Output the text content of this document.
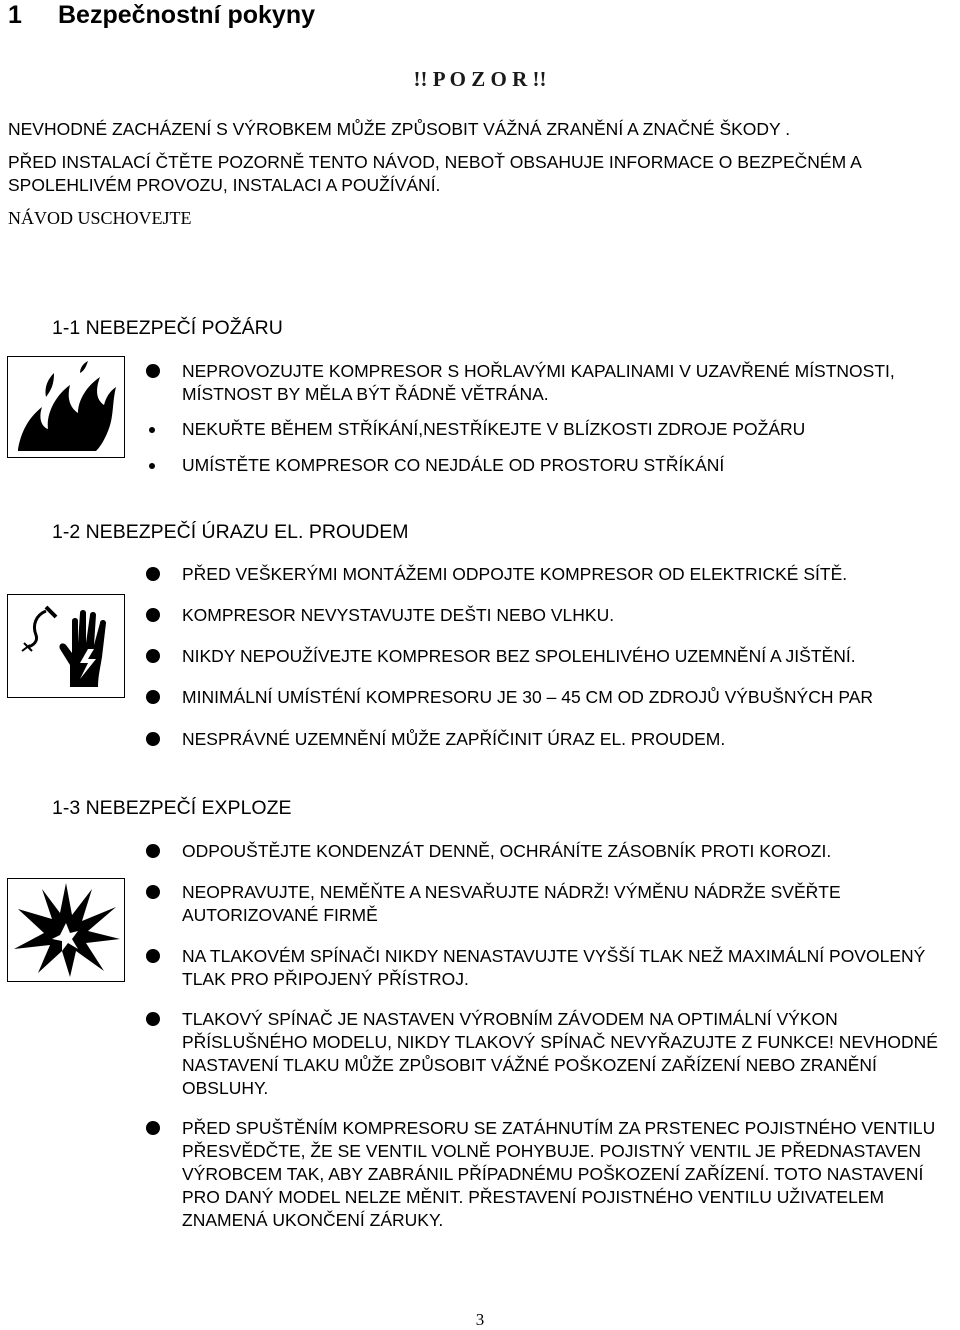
1 Bezpečnostní pokyny
!! P O Z O R !!

NEVHODNÉ ZACHÁZENÍ S VÝROBKEM MŮŽE ZPŮSOBIT VÁŽNÁ ZRANĚNÍ A ZNAČNÉ ŠKODY .

PŘED INSTALACÍ ČTĚTE POZORNĚ TENTO NÁVOD, NEBOŤ OBSAHUJE INFORMACE O BEZPEČNÉM A SPOLEHLIVÉM PROVOZU, INSTALACI A POUŽÍVÁNÍ.

NÁVOD USCHOVEJTE
1-1 NEBEZPEČÍ POŽÁRU
NEPROVOZUJTE KOMPRESOR S HOŘLAVÝMI KAPALINAMI V UZAVŘENÉ MÍSTNOSTI, MÍSTNOST BY MĚLA BÝT ŘÁDNĚ VĚTRÁNA.
NEKUŘTE BĚHEM STŘÍKÁNÍ,NESTŘÍKEJTE V BLÍZKOSTI ZDROJE POŽÁRU
UMÍSTĚTE KOMPRESOR CO NEJDÁLE OD PROSTORU STŘÍKÁNÍ
1-2 NEBEZPEČÍ ÚRAZU EL. PROUDEM
PŘED VEŠKERÝMI MONTÁŽEMI ODPOJTE KOMPRESOR OD ELEKTRICKÉ SÍTĚ.
KOMPRESOR NEVYSTAVUJTE DEŠTI NEBO VLHKU.
NIKDY NEPOUŽÍVEJTE KOMPRESOR BEZ SPOLEHLIVÉHO UZEMNĚNÍ A JIŠTĚNÍ.
MINIMÁLNÍ UMÍSTÉNÍ KOMPRESORU JE 30 – 45 CM OD ZDROJŮ VÝBUŠNÝCH PAR
NESPRÁVNÉ UZEMNĚNÍ MŮŽE ZAPŘÍČINIT ÚRAZ EL. PROUDEM.
1-3 NEBEZPEČÍ EXPLOZE
ODPOUŠTĚJTE KONDENZÁT DENNĚ, OCHRÁNÍTE ZÁSOBNÍK PROTI KOROZI.
NEOPRAVUJTE, NEMĚŇTE A NESVAŘUJTE NÁDRŽ! VÝMĚNU NÁDRŽE SVĚŘTE AUTORIZOVANÉ FIRMĚ
NA TLAKOVÉM SPÍNAČI NIKDY NENASTAVUJTE VYŠŠÍ TLAK NEŽ MAXIMÁLNÍ POVOLENÝ TLAK PRO PŘIPOJENÝ PŘÍSTROJ.
TLAKOVÝ SPÍNAČ JE NASTAVEN VÝROBNÍM ZÁVODEM NA OPTIMÁLNÍ VÝKON PŘÍSLUŠNÉHO MODELU, NIKDY TLAKOVÝ SPÍNAČ NEVYŘAZUJTE Z FUNKCE! NEVHODNÉ NASTAVENÍ TLAKU MŮŽE ZPŮSOBIT VÁŽNÉ POŠKOZENÍ ZAŘÍZENÍ NEBO ZRANĚNÍ OBSLUHY.
PŘED SPUŠTĚNÍM KOMPRESORU SE ZATÁHNUTÍM ZA PRSTENEC POJISTNÉHO VENTILU PŘESVĚDČTE, ŽE SE VENTIL VOLNĚ POHYBUJE. POJISTNÝ VENTIL JE PŘEDNASTAVEN VÝROBCEM TAK, ABY ZABRÁNIL PŘÍPADNÉMU POŠKOZENÍ ZAŘÍZENÍ. TOTO NASTAVENÍ PRO DANÝ MODEL NELZE MĚNIT. PŘESTAVENÍ POJISTNÉHO VENTILU UŽIVATELEM ZNAMENÁ UKONČENÍ ZÁRUKY.
3
